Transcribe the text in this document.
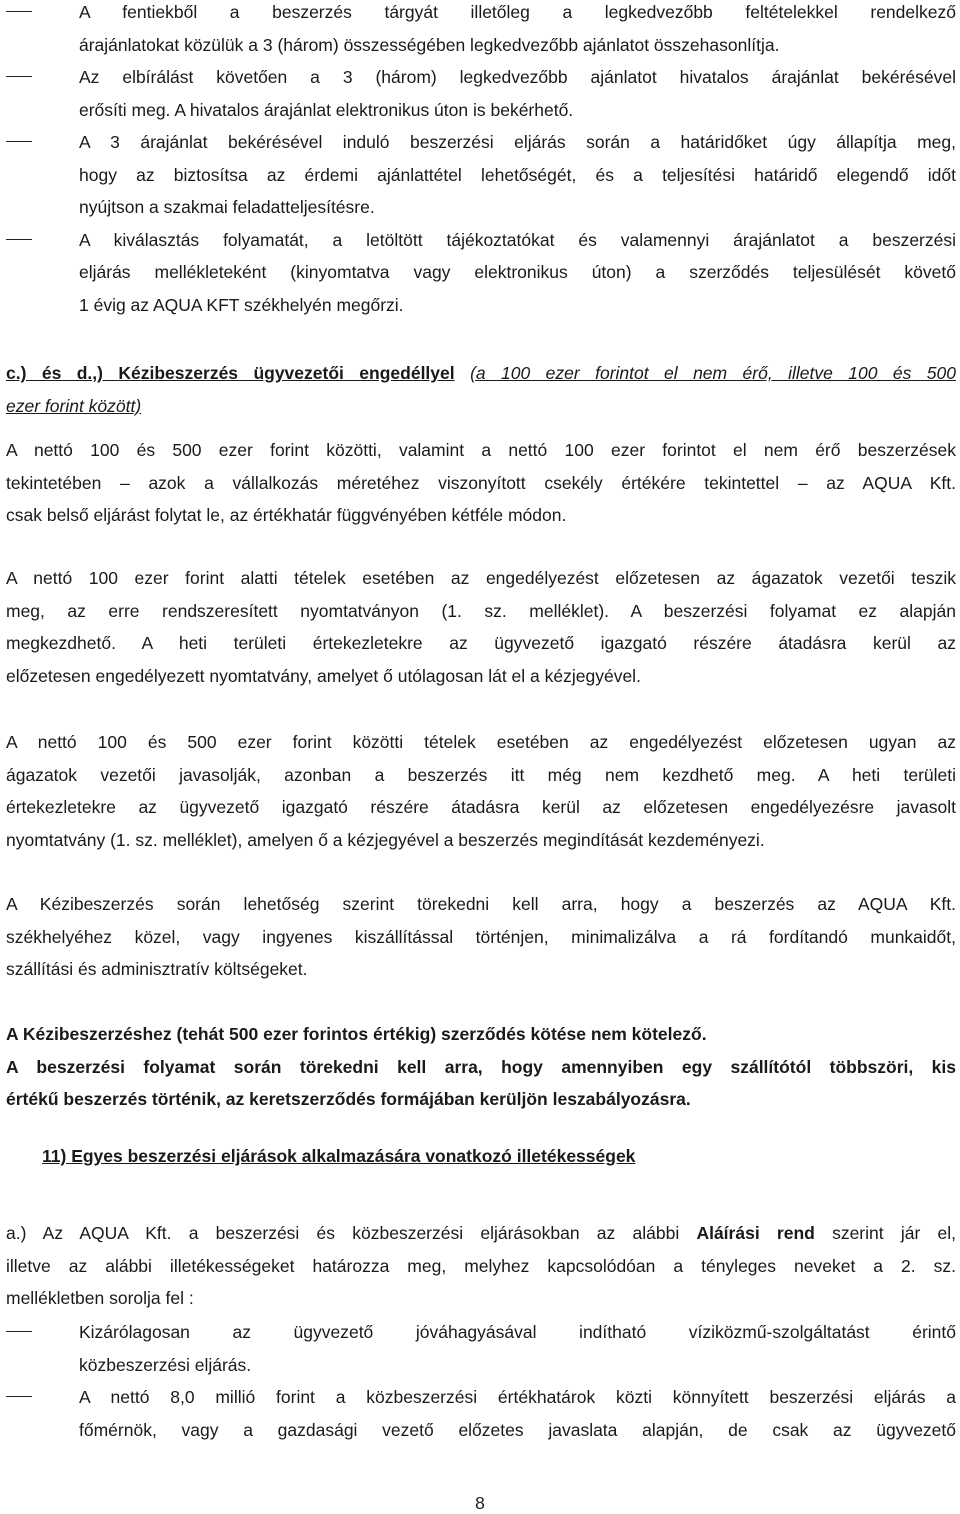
A fentiekből a beszerzés tárgyát illetőleg a legkedvezőbb feltételekkel rendelkező

árajánlatokat közülük a 3 (három) összességében legkedvezőbb ajánlatot összehasonlítja.

Az elbírálást követően a 3 (három) legkedvezőbb ajánlatot hivatalos árajánlat bekérésével

erősíti meg. A hivatalos árajánlat elektronikus úton is bekérhető.

A 3 árajánlat bekérésével induló beszerzési eljárás során a határidőket úgy állapítja meg,

hogy az biztosítsa az érdemi ajánlattétel lehetőségét, és a teljesítési határidő elegendő időt

nyújtson a szakmai feladatteljesítésre.

A kiválasztás folyamatát, a letöltött tájékoztatókat és valamennyi árajánlatot a beszerzési

eljárás mellékleteként (kinyomtatva vagy elektronikus úton) a szerződés teljesülését követő

1 évig az AQUA KFT székhelyén megőrzi.

c.) és d.,) Kézibeszerzés ügyvezetői engedéllyel (a 100 ezer forintot el nem érő, illetve 100 és 500

ezer forint között)

A nettó 100 és 500 ezer forint közötti, valamint a nettó 100 ezer forintot el nem érő beszerzések

tekintetében – azok a vállalkozás méretéhez viszonyított csekély értékére tekintettel – az AQUA Kft.

csak belső eljárást folytat le, az értékhatár függvényében kétféle módon.

A nettó 100 ezer forint alatti tételek esetében az engedélyezést előzetesen az ágazatok vezetői teszik

meg, az erre rendszeresített nyomtatványon (1. sz. melléklet). A beszerzési folyamat ez alapján

megkezdhető. A heti területi értekezletekre az ügyvezető igazgató részére átadásra kerül az

előzetesen engedélyezett nyomtatvány, amelyet ő utólagosan lát el a kézjegyével.

A nettó 100 és 500 ezer forint közötti tételek esetében az engedélyezést előzetesen ugyan az

ágazatok vezetői javasolják, azonban a beszerzés itt még nem kezdhető meg. A heti területi

értekezletekre az ügyvezető igazgató részére átadásra kerül az előzetesen engedélyezésre javasolt

nyomtatvány (1. sz. melléklet), amelyen ő a kézjegyével a beszerzés megindítását kezdeményezi.

A Kézibeszerzés során lehetőség szerint törekedni kell arra, hogy a beszerzés az AQUA Kft.

székhelyéhez közel, vagy ingyenes kiszállítással történjen, minimalizálva a rá fordítandó munkaidőt,

szállítási és adminisztratív költségeket.

A Kézibeszerzéshez (tehát 500 ezer forintos értékig) szerződés kötése nem kötelező.

A beszerzési folyamat során törekedni kell arra, hogy amennyiben egy szállítótól többszöri, kis

értékű beszerzés történik, az keretszerződés formájában kerüljön leszabályozásra.

11) Egyes beszerzési eljárások alkalmazására vonatkozó illetékességek

a.) Az AQUA Kft. a beszerzési és közbeszerzési eljárásokban az alábbi Aláírási rend szerint jár el,

illetve az alábbi illetékességeket határozza meg, melyhez kapcsolódóan a tényleges neveket a 2. sz.

mellékletben sorolja fel :

Kizárólagosan az ügyvezető jóváhagyásával indítható víziközmű-szolgáltatást érintő

közbeszerzési eljárás.

A nettó 8,0 millió forint a közbeszerzési értékhatárok közti könnyített beszerzési eljárás a

főmérnök, vagy a gazdasági vezető előzetes javaslata alapján, de csak az ügyvezető

8
